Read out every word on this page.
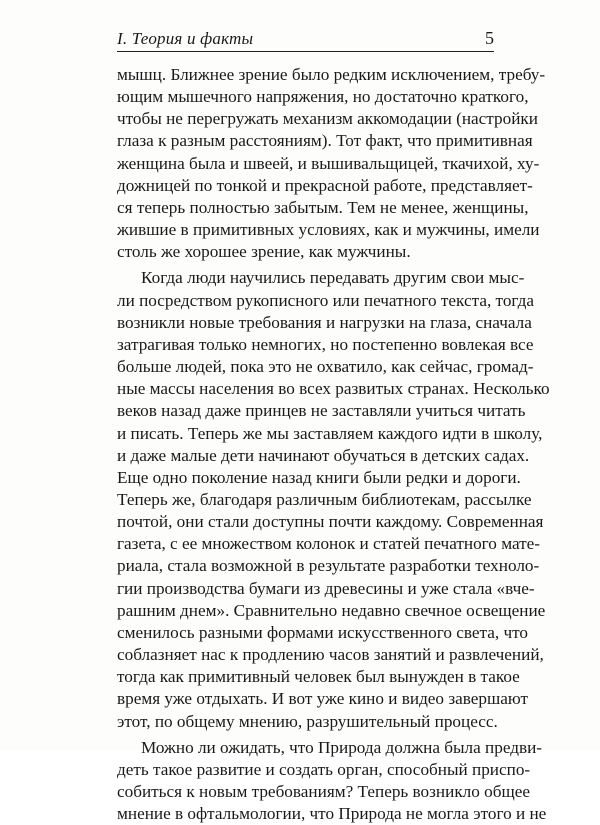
I. Теория и факты	5

мышц. Ближнее зрение было редким исключением, требу-
ющим мышечного напряжения, но достаточно краткого,
чтобы не перегружать механизм аккомодации (настройки
глаза к разным расстояниям). Тот факт, что примитивная
женщина была и швеей, и вышивальщицей, ткачихой, ху-
дожницей по тонкой и прекрасной работе, представляет-
ся теперь полностью забытым. Тем не менее, женщины,
жившие в примитивных условиях, как и мужчины, имели
столь же хорошее зрение, как мужчины.

Когда люди научились передавать другим свои мыс-
ли посредством рукописного или печатного текста, тогда
возникли новые требования и нагрузки на глаза, сначала
затрагивая только немногих, но постепенно вовлекая все
больше людей, пока это не охватило, как сейчас, громад-
ные массы населения во всех развитых странах. Несколько
веков назад даже принцев не заставляли учиться читать
и писать. Теперь же мы заставляем каждого идти в школу,
и даже малые дети начинают обучаться в детских садах.
Еще одно поколение назад книги были редки и дороги.
Теперь же, благодаря различным библиотекам, рассылке
почтой, они стали доступны почти каждому. Современная
газета, с ее множеством колонок и статей печатного мате-
риала, стала возможной в результате разработки техноло-
гии производства бумаги из древесины и уже стала «вче-
рашним днем». Сравнительно недавно свечное освещение
сменилось разными формами искусственного света, что
соблазняет нас к продлению часов занятий и развлечений,
тогда как примитивный человек был вынужден в такое
время уже отдыхать. И вот уже кино и видео завершают
этот, по общему мнению, разрушительный процесс.

Можно ли ожидать, что Природа должна была предви-
деть такое развитие и создать орган, способный приспо-
собиться к новым требованиям? Теперь возникло общее
мнение в офтальмологии, что Природа не могла этого и не
